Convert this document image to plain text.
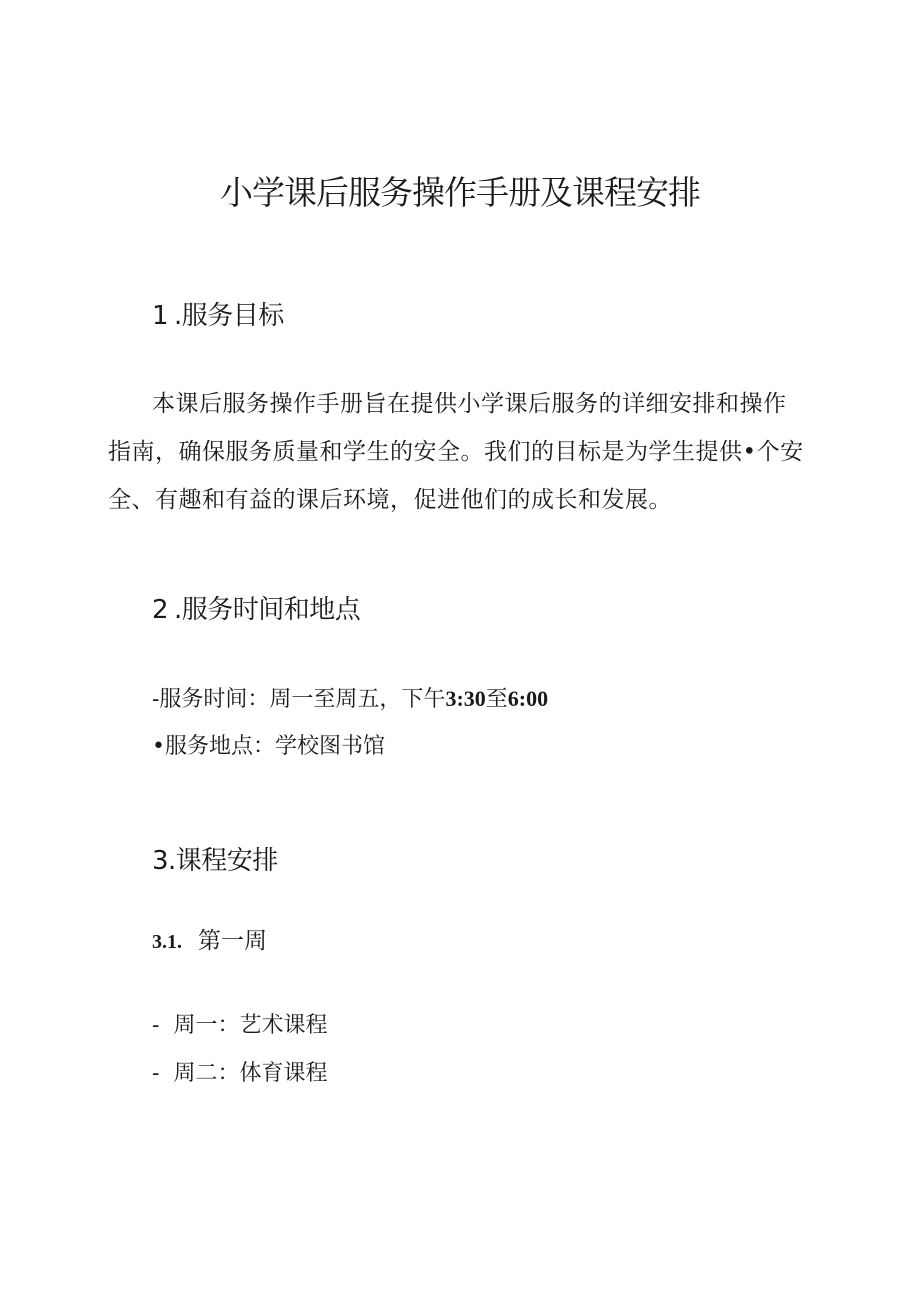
小学课后服务操作手册及课程安排
1 .服务目标

本课后服务操作手册旨在提供小学课后服务的详细安排和操作指南，确保服务质量和学生的安全。我们的目标是为学生提供•个安全、有趣和有益的课后环境，促进他们的成长和发展。

2 .服务时间和地点

-服务时间：周一至周五，下午3:30至6:00

•服务地点：学校图书馆

3.课程安排
3.1. 第一周

- 周一：艺术课程

- 周二：体育课程
